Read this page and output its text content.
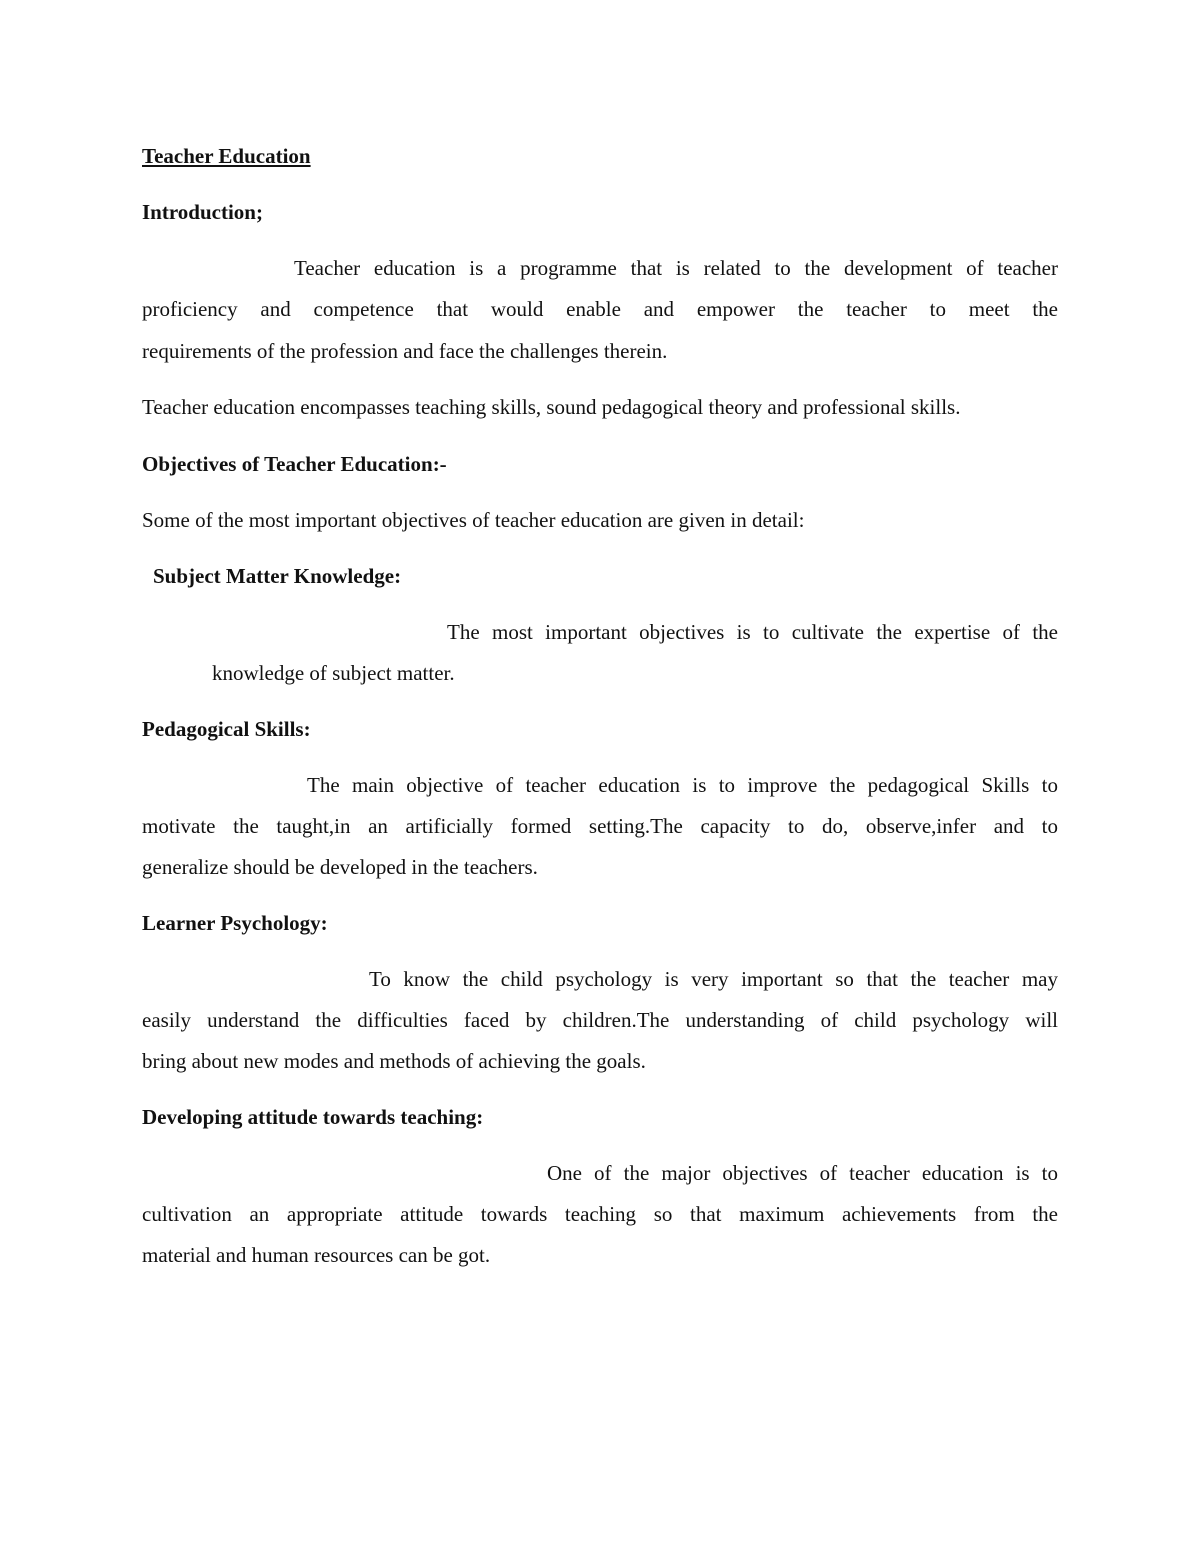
Teacher Education
Introduction;
Teacher education is a programme that is related to the development of teacher
proficiency and competence that would enable and empower the teacher to meet the
requirements of the profession and face the challenges therein.
Teacher education encompasses teaching skills, sound pedagogical theory and professional skills.
Objectives of Teacher Education:-
Some of the most important objectives of teacher education are given in detail:
Subject Matter Knowledge:
The most important objectives is to cultivate the expertise of the
knowledge of subject matter.
Pedagogical Skills:
The main objective of teacher education is to improve the pedagogical Skills to
motivate the taught,in an artificially formed setting.The capacity to do, observe,infer and to
generalize should be developed in the teachers.
Learner Psychology:
To know the child psychology is very important so that the teacher may
easily understand the difficulties faced by children.The understanding of child psychology will
bring about new modes and methods of achieving the goals.
Developing attitude towards teaching:
One of the major objectives of teacher education is to
cultivation an appropriate attitude towards teaching so that maximum achievements from the
material and human resources can be got.
